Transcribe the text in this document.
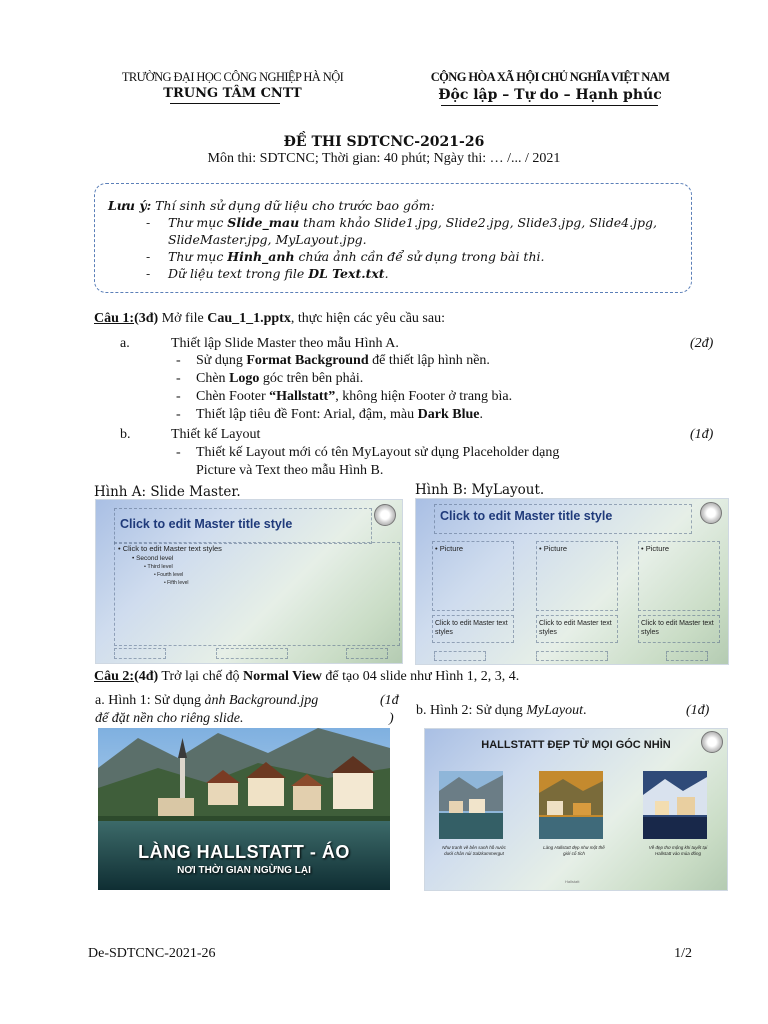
TRƯỜNG ĐẠI HỌC CÔNG NGHIỆP HÀ NỘI
TRUNG TÂM CNTT
CỘNG HÒA XÃ HỘI CHỦ NGHĨA VIỆT NAM
Độc lập – Tự do – Hạnh phúc
ĐỀ THI SDTCNC-2021-26
Môn thi: SDTCNC; Thời gian: 40 phút; Ngày thi: … /... / 2021
Lưu ý: Thí sinh sử dụng dữ liệu cho trước bao gồm:
- Thư mục Slide_mau tham khảo Slide1.jpg, Slide2.jpg, Slide3.jpg, Slide4.jpg,
SlideMaster.jpg, MyLayout.jpg.
- Thư mục Hinh_anh chứa ảnh cần để sử dụng trong bài thi.
- Dữ liệu text trong file DL Text.txt.
Câu 1:(3đ) Mở file Cau_1_1.pptx, thực hiện các yêu cầu sau:
a.	Thiết lập Slide Master theo mẫu Hình A.	(2đ)
- Sử dụng Format Background để thiết lập hình nền.
- Chèn Logo góc trên bên phải.
- Chèn Footer “Hallstatt”, không hiện Footer ở trang bìa.
- Thiết lập tiêu đề Font: Arial, đậm, màu Dark Blue.
b.	Thiết kế Layout	(1đ)
- Thiết kế Layout mới có tên MyLayout sử dụng Placeholder dạng
Picture và Text theo mẫu Hình B.
Hình A: Slide Master.	Hình B: MyLayout.
Click to edit Master title style
• Click to edit Master text styles
• Second level
• Third level
• Fourth level
• Fifth level
Click to edit Master title style
• Picture	• Picture	• Picture
Click to edit Master text styles
Click to edit Master text styles
Click to edit Master text styles
Câu 2:(4đ) Trở lại chế độ Normal View để tạo 04 slide như Hình 1, 2, 3, 4.
a. Hình 1: Sử dụng ảnh Background.jpg	(1đ
để đặt nền cho riêng slide.	)
b. Hình 2: Sử dụng MyLayout.	(1đ)
LÀNG HALLSTATT - ÁO
NƠI THỜI GIAN NGỪNG LẠI
HALLSTATT ĐẸP TỪ MỌI GÓC NHÌN
Như tranh vẽ bên sanh hồ nước dưới chân núi Salzkammergut
Làng Hallstatt đẹp như một thế giới cổ tích
Về đẹp thơ mộng khi tuyết tại Hallstatt vào mùa đông
Hallstatt
De-SDTCNC-2021-26	1/2
